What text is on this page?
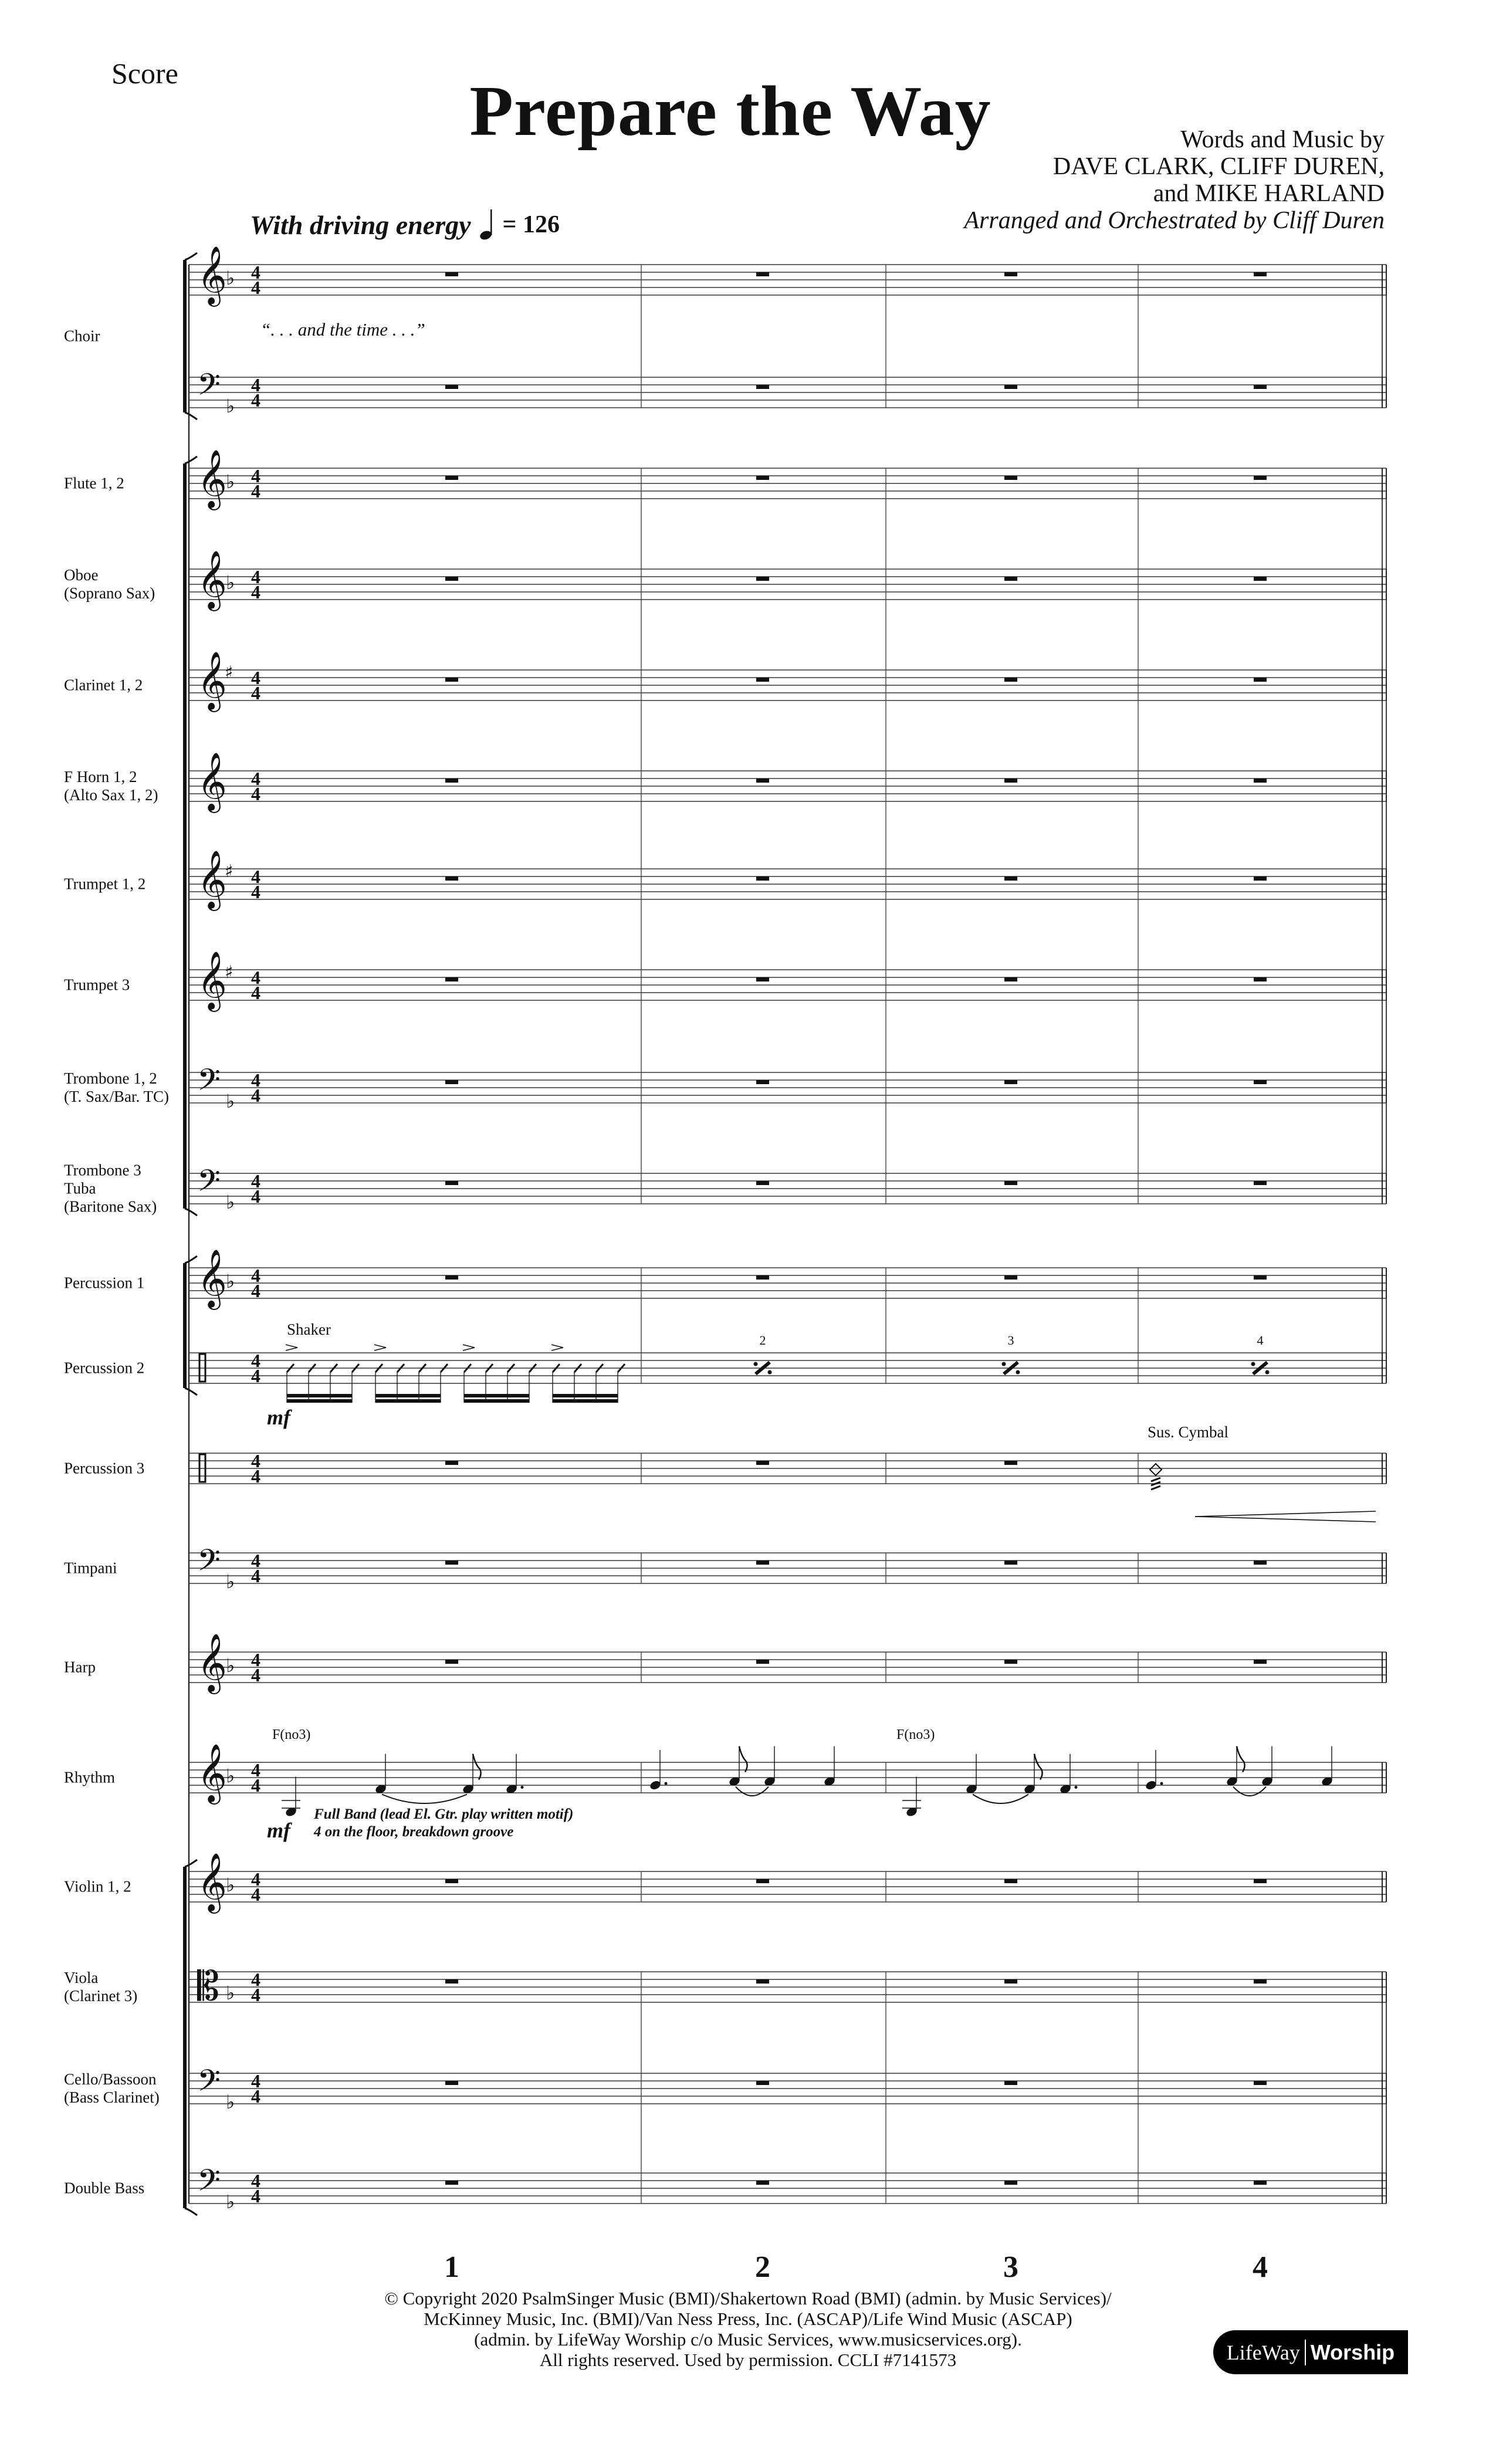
Score	Prepare the Way	Words and Music by
DAVE CLARK, CLIFF DUREN,
and MIKE HARLAND
Arranged and Orchestrated by Cliff Duren
With driving energy = 126
Choir
Flute 1, 2
Oboe
(Soprano Sax)
Clarinet 1, 2
F Horn 1, 2
(Alto Sax 1, 2)
Trumpet 1, 2
Trumpet 3
Trombone 1, 2
(T. Sax/Bar. TC)
Trombone 3
Tuba
(Baritone Sax)
Percussion 1
Percussion 2
Percussion 3
Timpani
Harp
Rhythm
Violin 1, 2
Viola
(Clarinet 3)
Cello/Bassoon
(Bass Clarinet)
Double Bass
𝄞
♭ 4
4
𝄢 ♭
4
4
𝄞
♭ 4
4
𝄞
♭ 4
4
𝄞
♯ 4
4
𝄞 4
4
𝄞
♯ 4
4
𝄞
♯ 4
4
𝄢 ♭
4
4
𝄢 ♭
4
4
𝄞
♭ 4
4
4
4
4
4
𝄢 ♭
4
4
𝄞
♭ 4
4
𝄞
♭ 4
4
𝄞
♭ 4
4
𝄡 ♭
4
4
𝄢 ♭
4
4
𝄢 ♭
4
4
“. . . and the time . . .”
Shaker
mf
2	3	4
Sus. Cymbal
F(no3)	F(no3)
mf
Full Band (lead El. Gtr. play written motif)
4 on the floor, breakdown groove
1	2	3	4
© Copyright 2020 PsalmSinger Music (BMI)/Shakertown Road (BMI) (admin. by Music Services)/
McKinney Music, Inc. (BMI)/Van Ness Press, Inc. (ASCAP)/Life Wind Music (ASCAP)
(admin. by LifeWay Worship c/o Music Services, www.musicservices.org).
All rights reserved. Used by permission. CCLI #7141573	LifeWay Worship
